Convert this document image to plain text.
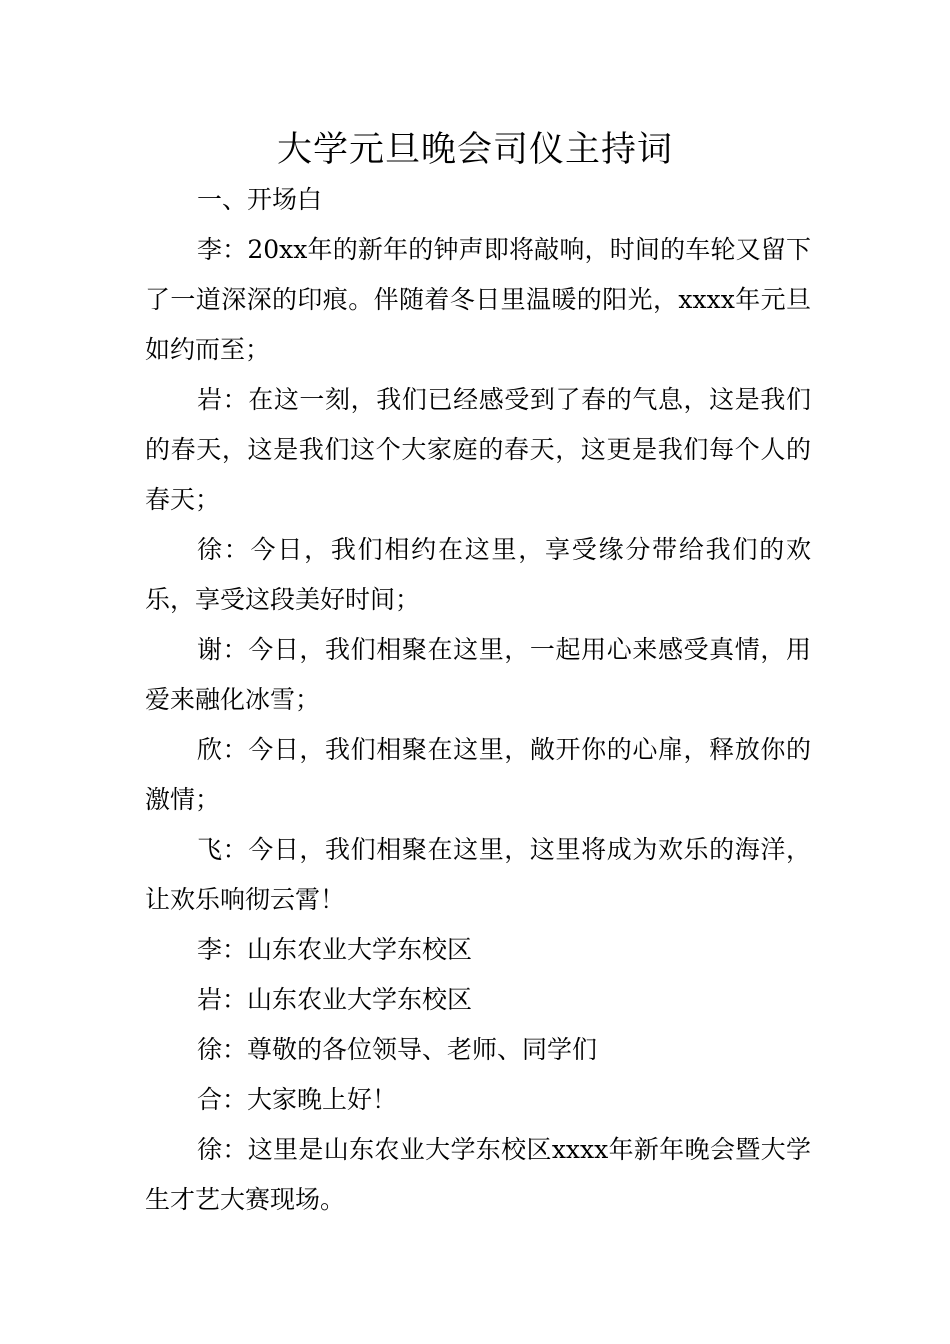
大学元旦晚会司仪主持词

一、开场白

李：20xx年的新年的钟声即将敲响，时间的车轮又留下了一道深深的印痕。伴随着冬日里温暖的阳光，xxxx年元旦如约而至；

岩：在这一刻，我们已经感受到了春的气息，这是我们的春天，这是我们这个大家庭的春天，这更是我们每个人的春天；

徐：今日，我们相约在这里，享受缘分带给我们的欢乐，享受这段美好时间；

谢：今日，我们相聚在这里，一起用心来感受真情，用爱来融化冰雪；

欣：今日，我们相聚在这里，敞开你的心扉，释放你的激情；

飞：今日，我们相聚在这里，这里将成为欢乐的海洋，让欢乐响彻云霄！

李：山东农业大学东校区

岩：山东农业大学东校区

徐：尊敬的各位领导、老师、同学们

合：大家晚上好！

徐：这里是山东农业大学东校区xxxx年新年晚会暨大学生才艺大赛现场。
